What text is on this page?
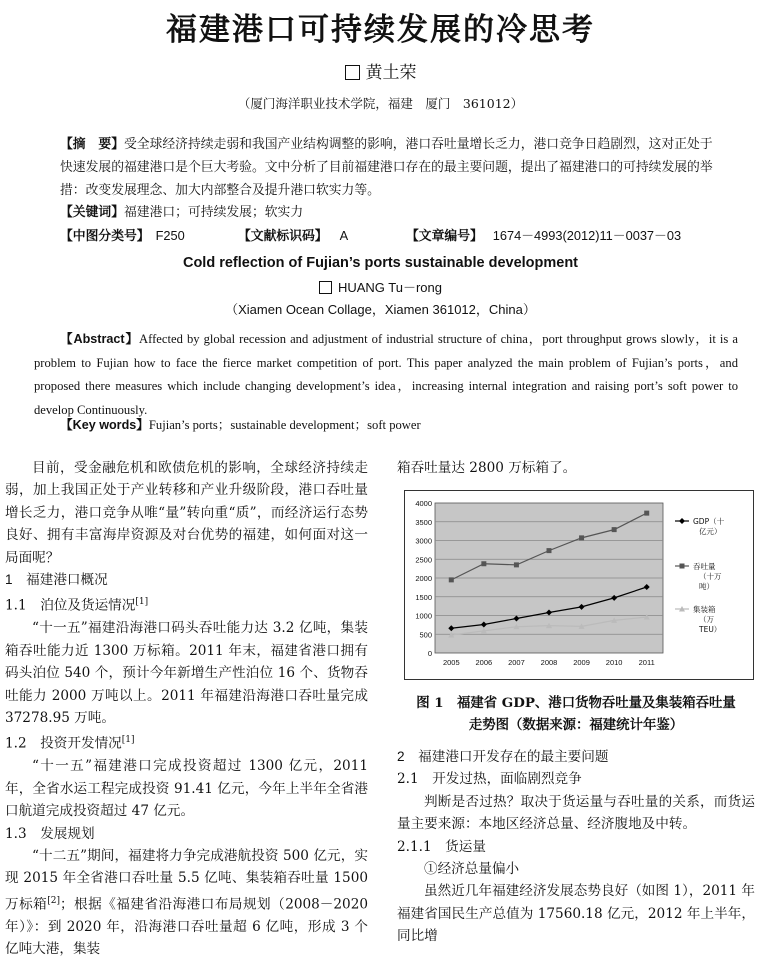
福建港口可持续发展的冷思考
黄土荣
（厦门海洋职业技术学院，福建　厦门　361012）

【摘　要】受全球经济持续走弱和我国产业结构调整的影响，港口吞吐量增长乏力，港口竞争日趋剧烈，这对正处于

快速发展的福建港口是个巨大考验。文中分析了目前福建港口存在的最主要问题，提出了福建港口的可持续发展的举

措：改变发展理念、加大内部整合及提升港口软实力等。

【关键词】福建港口；可持续发展；软实力
【中图分类号】 F250	【文献标识码】 A	【文章编号】 1674－4993(2012)11－0037－03
Cold reflection of Fujian’s ports sustainable development
HUANG Tu－rong
（Xiamen Ocean Collage，Xiamen 361012，China）
【Abstract】Affected by global recession and adjustment of industrial structure of china，port throughput grows slowly，it is a problem to Fujian how to face the fierce market competition of port. This paper analyzed the main problem of Fujian’s ports，and proposed there measures which include changing development’s idea，increasing internal integration and raising port’s soft power to develop Continuously.
【Key words】Fujian’s ports；sustainable development；soft power

目前，受金融危机和欧债危机的影响，全球经济持续走弱，加上我国正处于产业转移和产业升级阶段，港口吞吐量增长乏力，港口竞争从唯“量”转向重“质”，而经济运行态势良好、拥有丰富海岸资源及对台优势的福建，如何面对这一局面呢？

1　福建港口概况

1.1　泊位及货运情况[1]

“十一五”福建沿海港口码头吞吐能力达 3.2 亿吨，集装箱吞吐能力近 1300 万标箱。2011 年末，福建省港口拥有码头泊位 540 个，预计今年新增生产性泊位 16 个、货物吞吐能力 2000 万吨以上。2011 年福建沿海港口吞吐量完成 37278.95 万吨。

1.2　投资开发情况[1]

“十一五”福建港口完成投资超过 1300 亿元，2011 年，全省水运工程完成投资 91.41 亿元，今年上半年全省港口航道完成投资超过 47 亿元。

1.3　发展规划

“十二五”期间，福建将力争完成港航投资 500 亿元，实现 2015 年全省港口吞吐量 5.5 亿吨、集装箱吞吐量 1500 万标箱[2]；根据《福建省沿海港口布局规划（2008－2020 年）》：到 2020 年，沿海港口吞吐量超 6 亿吨，形成 3 个亿吨大港，集装

箱吞吐量达 2800 万标箱了。

0
500
1000
1500
2000
2500
3000
3500
4000
2005 2006 2007 2008 2009 2010 2011
GDP（十
亿元）
吞吐量
（十万
吨）
集装箱
（万
TEU）
图 1　福建省 GDP、港口货物吞吐量及集装箱吞吐量
走势图（数据来源：福建统计年鉴）

2　福建港口开发存在的最主要问题

2.1　开发过热，面临剧烈竞争

判断是否过热？取决于货运量与吞吐量的关系，而货运量主要来源：本地区经济总量、经济腹地及中转。

2.1.1　货运量

①经济总量偏小

虽然近几年福建经济发展态势良好（如图 1），2011 年福建省国民生产总值为 17560.18 亿元，2012 年上半年，同比增
